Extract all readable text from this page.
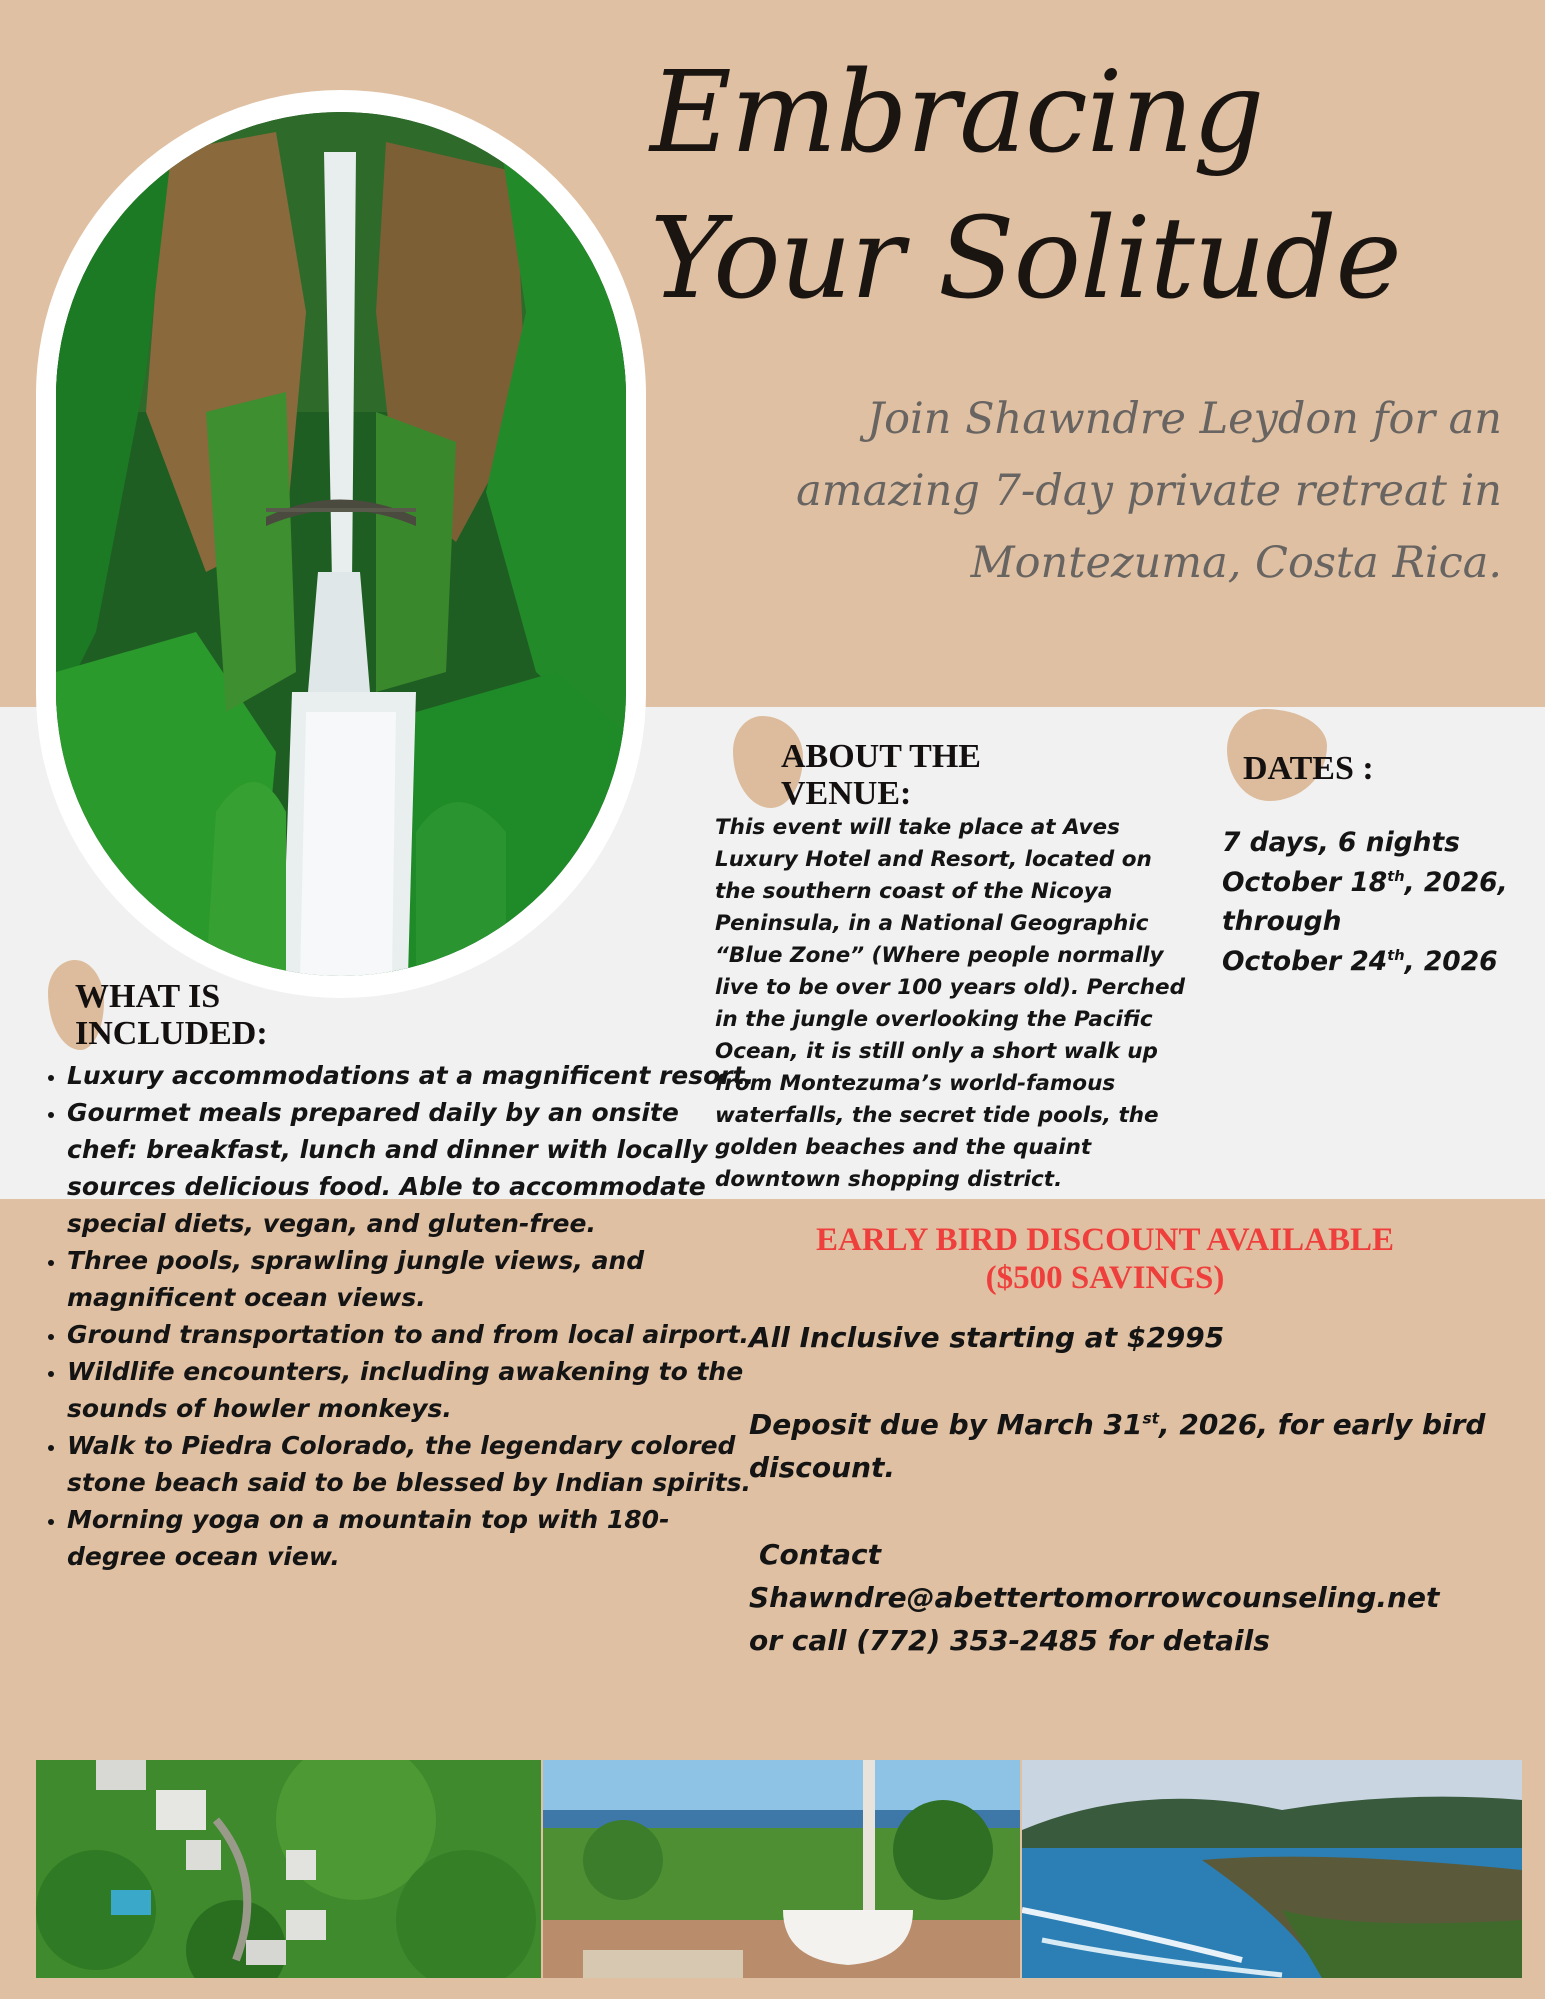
Embracing Your Solitude

Join Shawndre Leydon for an amazing 7-day private retreat in Montezuma, Costa Rica.

ABOUT THE VENUE:

This event will take place at Aves Luxury Hotel and Resort, located on the southern coast of the Nicoya Peninsula, in a National Geographic “Blue Zone” (Where people normally live to be over 100 years old). Perched in the jungle overlooking the Pacific Ocean, it is still only a short walk up from Montezuma’s world-famous waterfalls, the secret tide pools, the golden beaches and the quaint downtown shopping district.

DATES :
7 days, 6 nights
October 18th, 2026,
through
October 24th, 2026
WHAT IS INCLUDED:
• Luxury accommodations at a magnificent resort.
• Gourmet meals prepared daily by an onsite chef: breakfast, lunch and dinner with locally sources delicious food. Able to accommodate special diets, vegan, and gluten-free.
• Three pools, sprawling jungle views, and magnificent ocean views.
• Ground transportation to and from local airport.
• Wildlife encounters, including awakening to the sounds of howler monkeys.
• Walk to Piedra Colorado, the legendary colored stone beach said to be blessed by Indian spirits.
• Morning yoga on a mountain top with 180-degree ocean view.

EARLY BIRD DISCOUNT AVAILABLE
($500 SAVINGS)

All Inclusive starting at $2995

Deposit due by March 31st, 2026, for early bird discount.

Contact
Shawndre@abettertomorrowcounseling.net
or call (772) 353-2485 for details
